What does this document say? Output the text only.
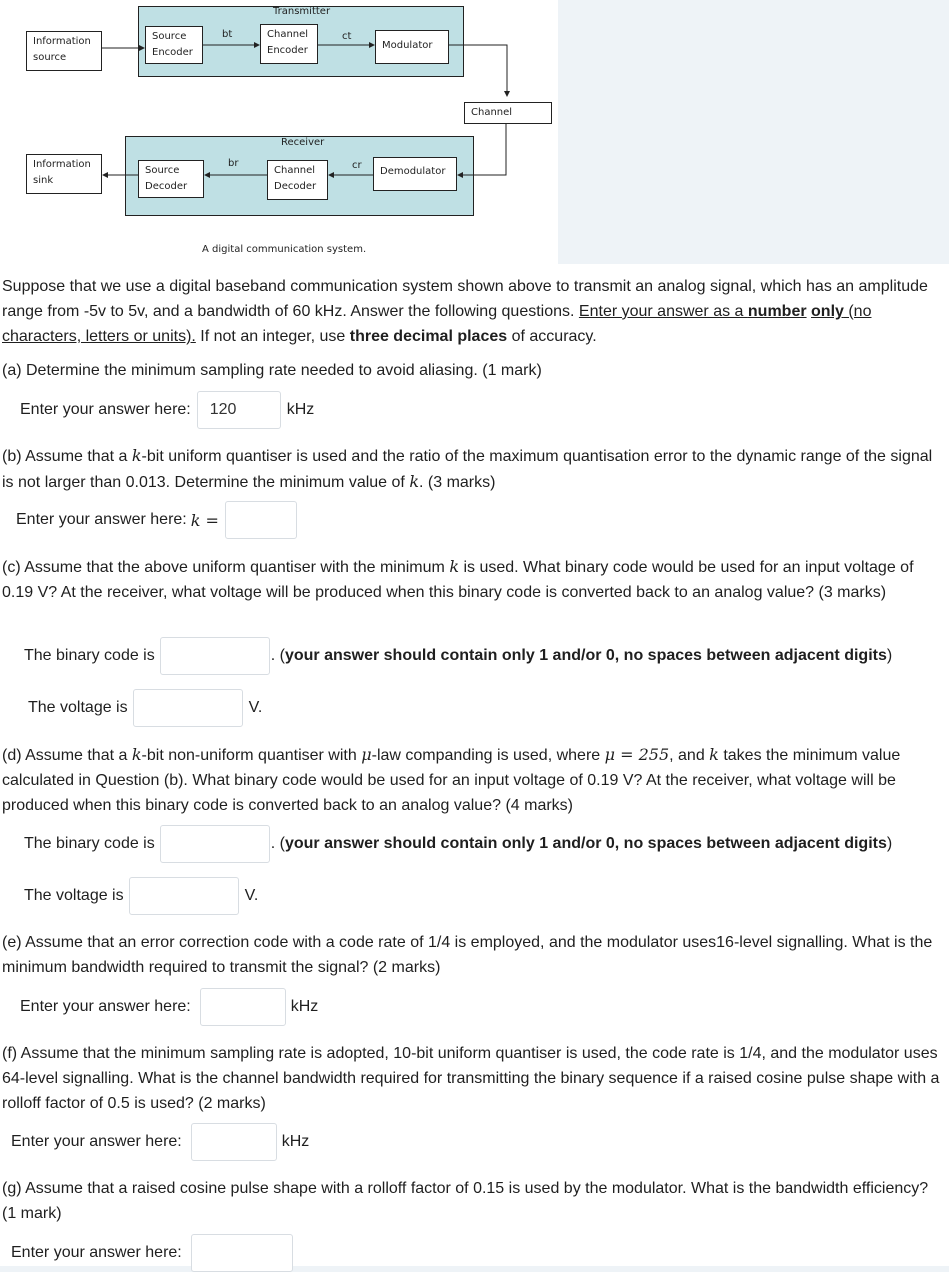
Transmitter
Information
source
Source
Encoder
bt	Channel
Encoder
ct
Modulator
Channel
Receiver
Information
sink
Source
Decoder
br
Channel
Decoder
cr
Demodulator
A digital communication system.
Suppose that we use a digital baseband communication system shown above to transmit an analog signal, which has an amplitude range from -5v to 5v, and a bandwidth of 60 kHz. Answer the following questions. Enter your answer as a number only (no characters, letters or units). If not an integer, use three decimal places of accuracy.
(a) Determine the minimum sampling rate needed to avoid aliasing. (1 mark)
Enter your answer here:
120	kHz
(b) Assume that a k-bit uniform quantiser is used and the ratio of the maximum quantisation error to the dynamic range of the signal is not larger than 0.013. Determine the minimum value of k. (3 marks)
Enter your answer here: k =
(c) Assume that the above uniform quantiser with the minimum k is used. What binary code would be used for an input voltage of 0.19 V? At the receiver, what voltage will be produced when this binary code is converted back to an analog value? (3 marks)
The binary code is	. (your answer should contain only 1 and/or 0, no spaces between adjacent digits)
The voltage is	V.
(d) Assume that a k-bit non-uniform quantiser with μ-law companding is used, where μ = 255, and k takes the minimum value calculated in Question (b). What binary code would be used for an input voltage of 0.19 V? At the receiver, what voltage will be produced when this binary code is converted back to an analog value? (4 marks)
The binary code is	. (your answer should contain only 1 and/or 0, no spaces between adjacent digits)
The voltage is	V.
(e) Assume that an error correction code with a code rate of 1/4 is employed, and the modulator uses16-level signalling. What is the minimum bandwidth required to transmit the signal? (2 marks)
Enter your answer here:	kHz
(f) Assume that the minimum sampling rate is adopted, 10-bit uniform quantiser is used, the code rate is 1/4, and the modulator uses 64-level signalling. What is the channel bandwidth required for transmitting the binary sequence if a raised cosine pulse shape with a rolloff factor of 0.5 is used? (2 marks)
Enter your answer here:	kHz
(g) Assume that a raised cosine pulse shape with a rolloff factor of 0.15 is used by the modulator. What is the bandwidth efficiency? (1 mark)
Enter your answer here:
